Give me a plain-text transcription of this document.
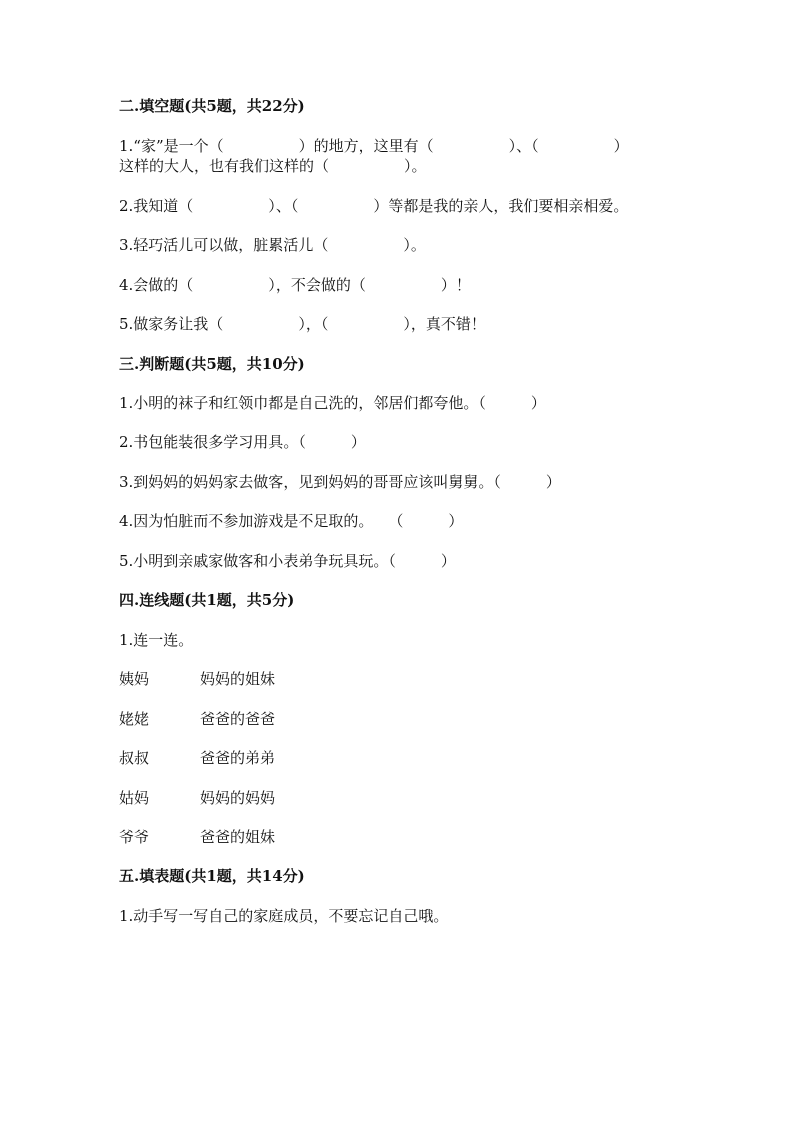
二.填空题(共5题，共22分)
1.“家”是一个（　　　　　）的地方，这里有（　　　　　）、（　　　　　）
这样的大人，也有我们这样的（　　　　　）。
2.我知道（　　　　　）、（　　　　　）等都是我的亲人，我们要相亲相爱。
3.轻巧活儿可以做，脏累活儿（　　　　　）。
4.会做的（　　　　　），不会做的（　　　　　）！
5.做家务让我（　　　　　），（　　　　　），真不错！
三.判断题(共5题，共10分)
1.小明的袜子和红领巾都是自己洗的，邻居们都夸他。（　　　）
2.书包能装很多学习用具。（　　　）
3.到妈妈的妈妈家去做客，见到妈妈的哥哥应该叫舅舅。（　　　）
4.因为怕脏而不参加游戏是不足取的。　　（　　　）
5.小明到亲戚家做客和小表弟争玩具玩。（　　　）
四.连线题(共1题，共5分)
1.连一连。
姨妈	妈妈的姐妹
姥姥	爸爸的爸爸
叔叔	爸爸的弟弟
姑妈	妈妈的妈妈
爷爷	爸爸的姐妹
五.填表题(共1题，共14分)
1.动手写一写自己的家庭成员，不要忘记自己哦。
